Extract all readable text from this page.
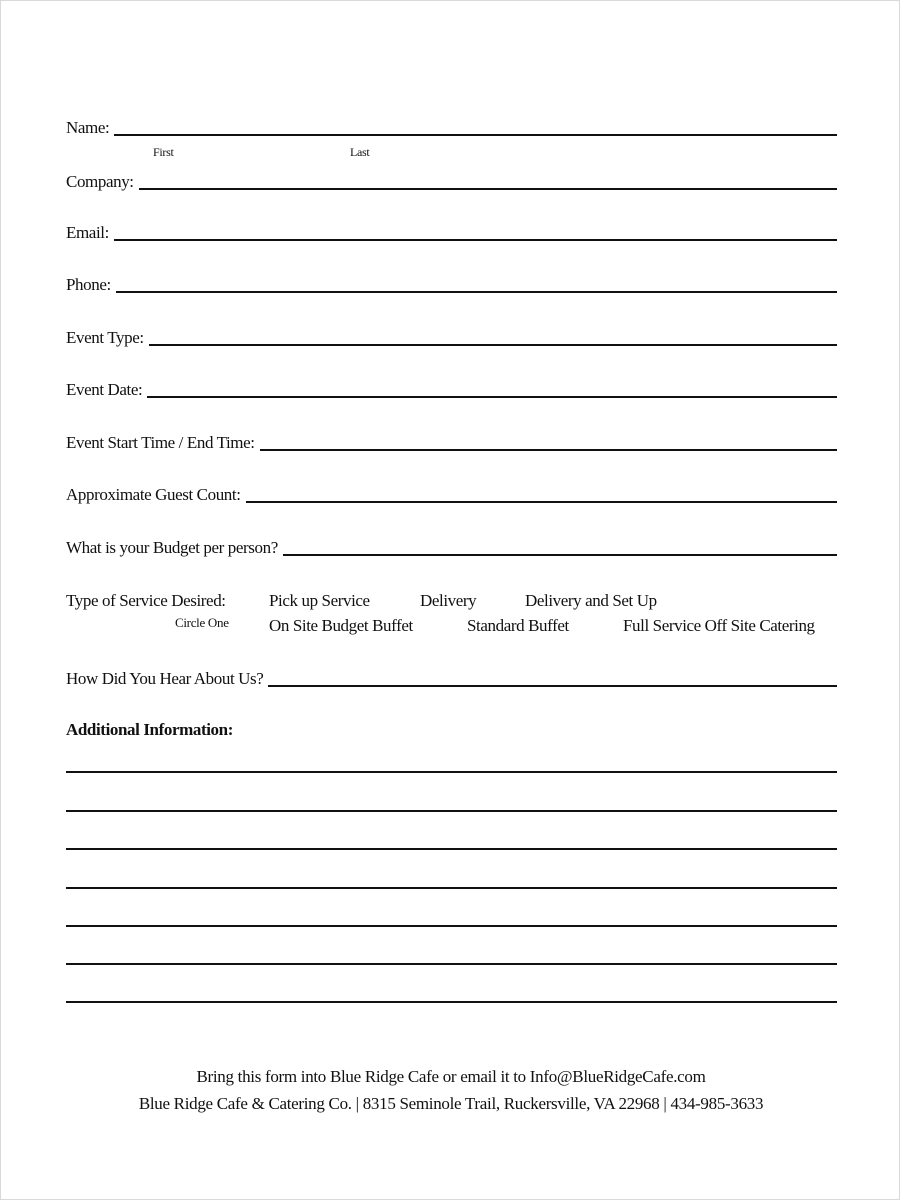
Name:
First	Last
Company:
Email:
Phone:
Event Type:
Event Date:
Event Start Time / End Time:
Approximate Guest Count:
What is your Budget per person?
Type of Service Desired:
Circle One
Pick up Service	Delivery	Delivery and Set Up
On Site Budget Buffet	Standard Buffet	Full Service Off Site Catering
How Did You Hear About Us?
Additional Information:
Bring this form into Blue Ridge Cafe or email it to Info@BlueRidgeCafe.com
Blue Ridge Cafe & Catering Co. | 8315 Seminole Trail, Ruckersville, VA 22968 | 434-985-3633
